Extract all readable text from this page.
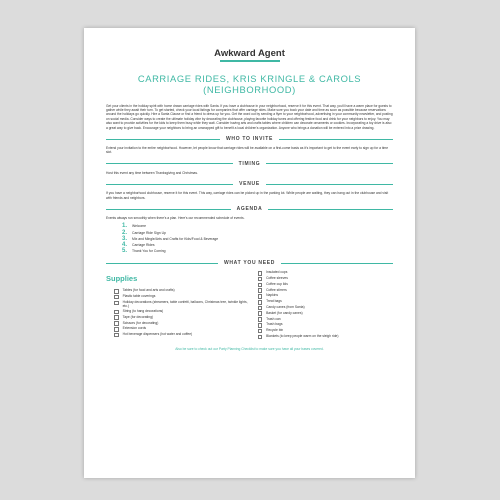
Awkward Agent
CARRIAGE RIDES, KRIS KRINGLE & CAROLS (NEIGHBORHOOD)
Get your clients in the holiday spirit with home drawn carriage rides with Santa. If you have a clubhouse in your neighborhood, reserve it for this event. That way, you'll have a warm place for guests to gather while they await their turn. To get started, check your local listings for companies that offer carriage rides. Make sure you book your date and time as soon as possible because reservations around the holidays go quickly. Hire a Santa Clause or find a friend to dress up for you. Get the word out by sending a flyer to your neighborhood, advertising in your community newsletter, and posting on social media. Consider ways to create the ultimate holiday vibe by decorating the clubhouse, playing favorite holiday tunes and offering festive food and drink for your neighbors to enjoy. You may also want to provide activities for the kids to keep them busy while they wait. Consider having arts and crafts tables where children can decorate ornaments or cookies. Incorporating a toy drive is also a great way to give back. Encourage your neighbors to bring an unwrapped gift to benefit a local children's organization. Anyone who brings a donation will be entered into a prize drawing.
WHO TO INVITE
Extend your invitation to the entire neighborhood. However, let people know that carriage rides will be available on a first-come basis as it's important to get to the event early to sign up for a time slot.
TIMING
Host this event any time between Thanksgiving and Christmas.
VENUE
If you have a neighborhood clubhouse, reserve it for this event. This way, carriage rides can be picked up in the parking lot. While people are waiting, they can hang out in the clubhouse and visit with friends and neighbors.
AGENDA
Events always run smoothly when there's a plan. Here's our recommended schedule of events.
1.	Welcome
2.	Carriage Ride Sign Up
3.	Mix and Mingle/Arts and Crafts for Kids/Food & Beverage
4.	Carriage Rides
5.	Thank You for Coming
WHAT YOU NEED
Supplies
Tables (for food and arts and crafts)
Plastic table coverings
Holiday decorations (streamers, table confetti, balloons, Christmas tree, twinkle lights, etc.)
String (to hang decorations)
Tape (for decorating)
Scissors (for decorating)
Extension cords
Hot beverage dispensers (hot water and coffee)
Insulated cups
Coffee sleeves
Coffee cup lids
Coffee stirrers
Napkins
Treat bags
Candy canes (from Santa)
Basket (for candy canes)
Trash can
Trash bags
Recycle bin
Blankets (to keep people warm on the sleigh ride)
Also be sure to check out our Party Planning Checklist to make sure you have all your bases covered.
